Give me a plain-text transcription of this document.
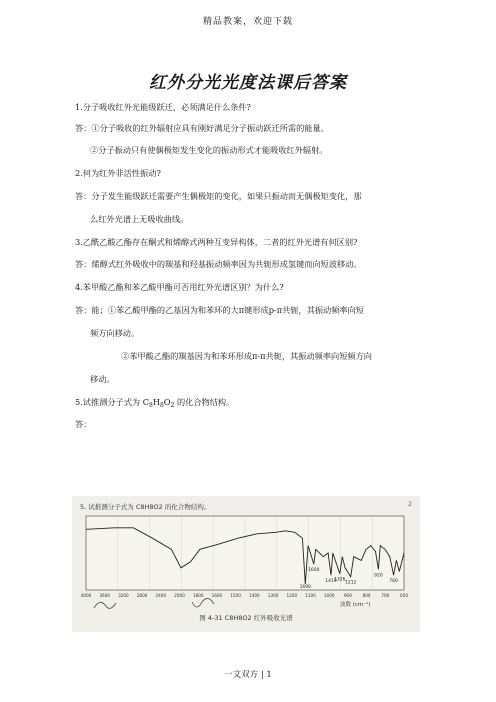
精品教案，欢迎下载
红外分光光度法课后答案
1.分子吸收红外光能级跃迁，必须满足什么条件?
答：①分子吸收的红外辐射应具有刚好满足分子振动跃迁所需的能量。
②分子振动只有使偶极矩发生变化的振动形式才能吸收红外辐射。
2.何为红外非活性振动?
答：分子发生能级跃迁需要产生偶极矩的变化，如果只振动而无偶极矩变化，那
么红外光谱上无吸收曲线。
3.乙酰乙酸乙酯存在酮式和烯醇式两种互变异构体，二者的红外光谱有何区别?
答：烯醇式红外吸收中的羰基和羟基振动频率因为共轭形成氢键而向短波移动。
4.苯甲酸乙酯和苯乙酸甲酯可否用红外光谱区别？为什么?
答：能；①苯乙酸甲酯的乙基因为和苯环的大π键形成p-π共轭，其振动频率向短
频方向移动。
②苯甲酸乙酯的羰基因为和苯环形成π-π共轭，其振动频率向短频方向
移动。
5.试推测分子式为 $C_8H_8O_2$ 的化合物结构。
答：
5. 试推测分子式为 C8H8O2 的化合物结构。	2
1690
1419 1212
1326
920
760
1600
4000 3600 3200 2800 2400 2000 1800 1600 1500 1400 1300 1200 1100 1000 900	800	700	650
波数 (cm⁻¹)
图 4-31 C8H8O2 红外吸收光谱
一文双方 | 1
